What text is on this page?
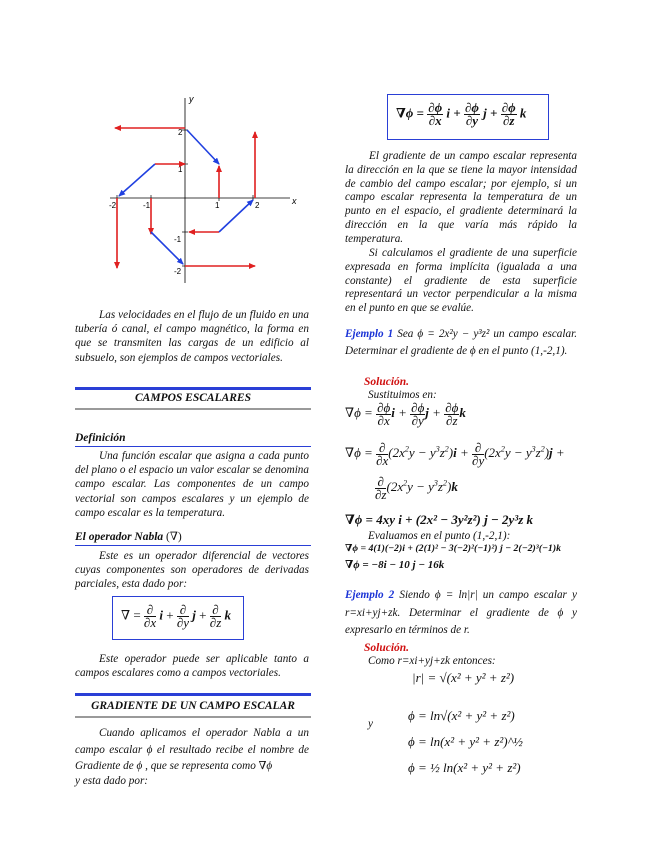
-2	-1	1	2
2
1
-1
-2
x
y

Las velocidades en el flujo de un fluido en una tubería ó canal, el campo magnético, la forma en que se transmiten las cargas de un edificio al subsuelo, son ejemplos de campos vectoriales.

CAMPOS ESCALARES
Definición

Una función escalar que asigna a cada punto del plano o el espacio un valor escalar se denomina campo escalar. Las componentes de un campo vectorial son campos escalares y un ejemplo de campo escalar es la temperatura.

El operador Nabla (∇)

Este es un operador diferencial de vectores cuyas componentes son operadores de derivadas parciales, esta dado por:

∇ = $\frac{\partial}{\partial x}$ $i + \frac{\partial}{\partial y}$ $j + \frac{\partial}{\partial z}$ k

Este operador puede ser aplicable tanto a campos escalares como a campos vectoriales.

GRADIENTE DE UN CAMPO ESCALAR

Cuando aplicamos el operador Nabla a un campo escalar ϕ el resultado recibe el nombre de Gradiente de ϕ , que se representa como ∇ϕ

y esta dado por:

$\nabla\phi = \frac{\partial\phi}{\partial x}$ $i + \frac{\partial\phi}{\partial y}$ $j + \frac{\partial\phi}{\partial z}$ k

El gradiente de un campo escalar representa la dirección en la que se tiene la mayor intensidad de cambio del campo escalar; por ejemplo, si un campo escalar representa la temperatura de un punto en el espacio, el gradiente determinará la dirección en la que varía más rápido la temperatura.

Si calculamos el gradiente de una superficie expresada en forma implícita (igualada a una constante) el gradiente de esta superficie representará un vector perpendicular a la misma en el punto en que se evalúe.

Ejemplo 1 Sea ϕ = 2x²y − y³z² un campo escalar. Determinar el gradiente de ϕ en el punto (1,-2,1).

Solución.
Sustituimos en:
$\nabla\phi = \frac{\partial\phi}{\partial x}$ $i + \frac{\partial\phi}{\partial y}$ $j + \frac{\partial\phi}{\partial z}$ k
$\nabla\phi = \frac{\partial}{\partial x} (2x^2y - y^3z^2)i + \frac{\partial}{\partial y} (2x^2y - y^3z^2)j$ +
$\frac{\partial}{\partial z} (2x^2y - y^3z^2)k$
∇ϕ = 4xy i + (2x² − 3y²z²) j − 2y³z k
Evaluamos en el punto (1,-2,1):
∇ϕ = 4(1)(−2)i + (2(1)² − 3(−2)²(−1)²) j − 2(−2)³(−1)k
∇ϕ = −8i − 10 j − 16k

Ejemplo 2 Siendo ϕ = ln|r| un campo escalar y r=xi+yj+zk. Determinar el gradiente de ϕ y expresarlo en términos de r.

Solución.
Como r=xi+yj+zk entonces:
|r| = √(x² + y² + z²)
y
ϕ = ln√(x² + y² + z²)
ϕ = ln(x² + y² + z²)^½
ϕ = ½ ln(x² + y² + z²)
